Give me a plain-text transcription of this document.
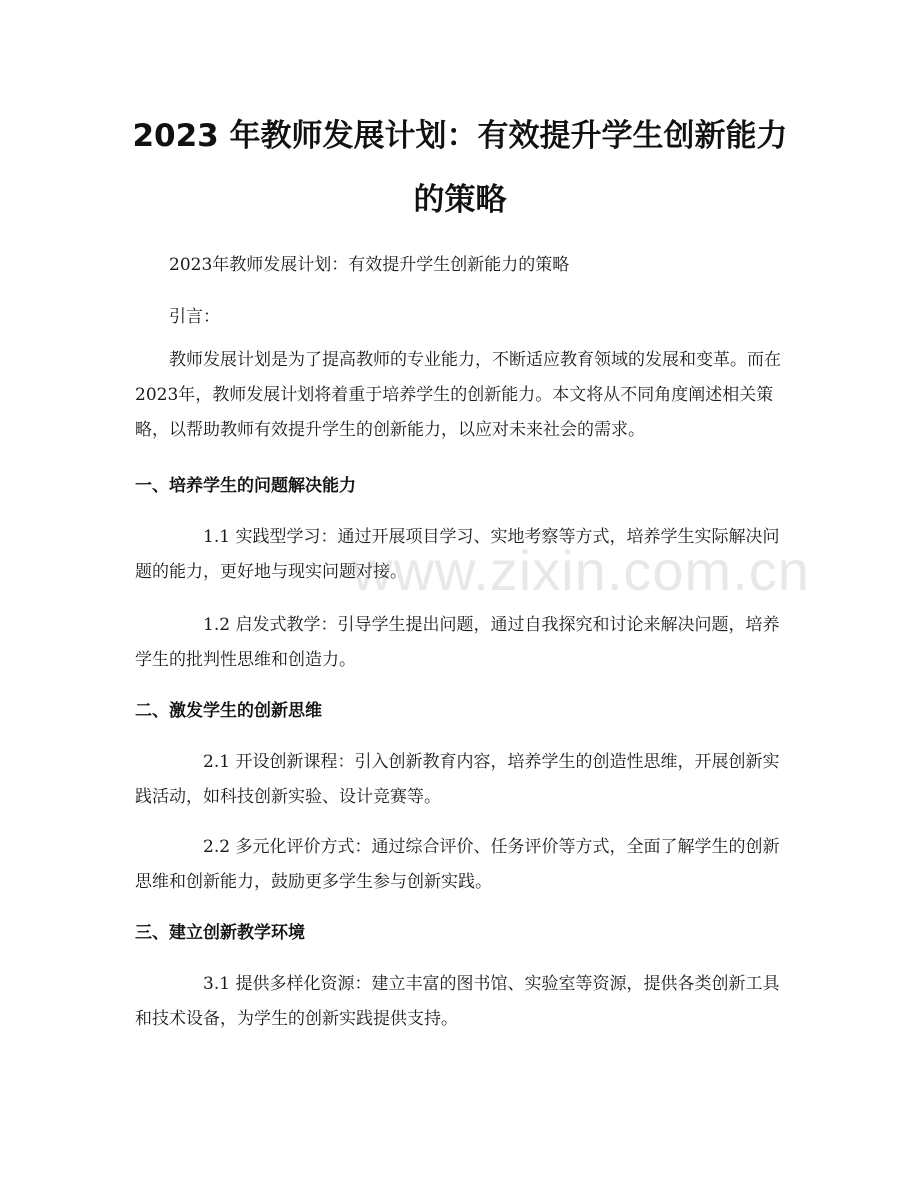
2023 年教师发展计划：有效提升学生创新能力的策略

2023年教师发展计划：有效提升学生创新能力的策略

引言：

教师发展计划是为了提高教师的专业能力，不断适应教育领域的发展和变革。而在2023年，教师发展计划将着重于培养学生的创新能力。本文将从不同角度阐述相关策略，以帮助教师有效提升学生的创新能力，以应对未来社会的需求。

一、培养学生的问题解决能力

1.1 实践型学习：通过开展项目学习、实地考察等方式，培养学生实际解决问题的能力，更好地与现实问题对接。

1.2 启发式教学：引导学生提出问题，通过自我探究和讨论来解决问题，培养学生的批判性思维和创造力。

二、激发学生的创新思维

2.1 开设创新课程：引入创新教育内容，培养学生的创造性思维，开展创新实践活动，如科技创新实验、设计竞赛等。

2.2 多元化评价方式：通过综合评价、任务评价等方式，全面了解学生的创新思维和创新能力，鼓励更多学生参与创新实践。

三、建立创新教学环境

3.1 提供多样化资源：建立丰富的图书馆、实验室等资源，提供各类创新工具和技术设备，为学生的创新实践提供支持。

www.zixin.com.cn
